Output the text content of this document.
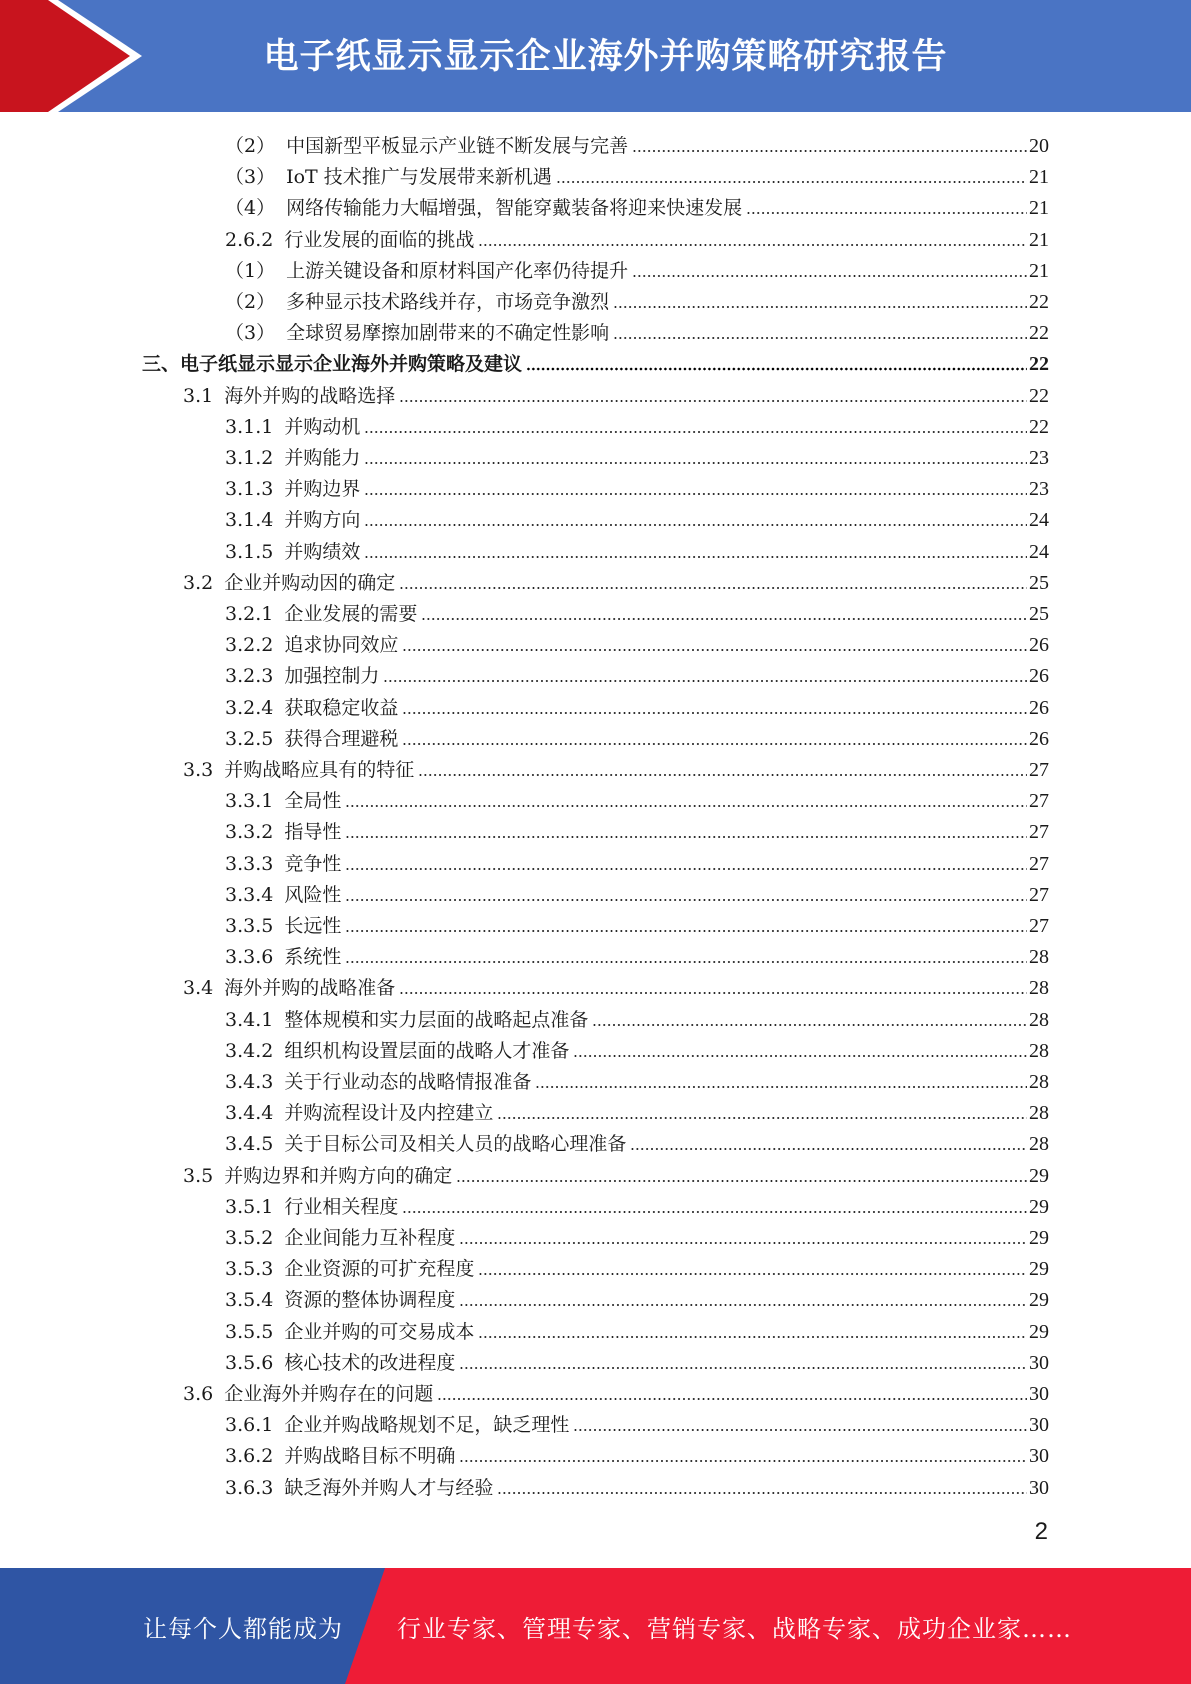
电子纸显示显示企业海外并购策略研究报告
（2） 中国新型平板显示产业链不断发展与完善	20
（3） IoT 技术推广与发展带来新机遇	21
（4） 网络传输能力大幅增强，智能穿戴装备将迎来快速发展	21
2.6.2 行业发展的面临的挑战	21
（1） 上游关键设备和原材料国产化率仍待提升	21
（2） 多种显示技术路线并存，市场竞争激烈	22
（3） 全球贸易摩擦加剧带来的不确定性影响	22
三、 电子纸显示显示企业海外并购策略及建议	22
3.1 海外并购的战略选择	22
3.1.1 并购动机	22
3.1.2 并购能力	23
3.1.3 并购边界	23
3.1.4 并购方向	24
3.1.5 并购绩效	24
3.2 企业并购动因的确定	25
3.2.1 企业发展的需要	25
3.2.2 追求协同效应	26
3.2.3 加强控制力	26
3.2.4 获取稳定收益	26
3.2.5 获得合理避税	26
3.3 并购战略应具有的特征	27
3.3.1 全局性	27
3.3.2 指导性	27
3.3.3 竞争性	27
3.3.4 风险性	27
3.3.5 长远性	27
3.3.6 系统性	28
3.4 海外并购的战略准备	28
3.4.1 整体规模和实力层面的战略起点准备	28
3.4.2 组织机构设置层面的战略人才准备	28
3.4.3 关于行业动态的战略情报准备	28
3.4.4 并购流程设计及内控建立	28
3.4.5 关于目标公司及相关人员的战略心理准备	28
3.5 并购边界和并购方向的确定	29
3.5.1 行业相关程度	29
3.5.2 企业间能力互补程度	29
3.5.3 企业资源的可扩充程度	29
3.5.4 资源的整体协调程度	29
3.5.5 企业并购的可交易成本	29
3.5.6 核心技术的改进程度	30
3.6 企业海外并购存在的问题	30
3.6.1 企业并购战略规划不足，缺乏理性	30
3.6.2 并购战略目标不明确	30
3.6.3 缺乏海外并购人才与经验	30
2
让每个人都能成为 行业专家、管理专家、营销专家、战略专家、成功企业家……
